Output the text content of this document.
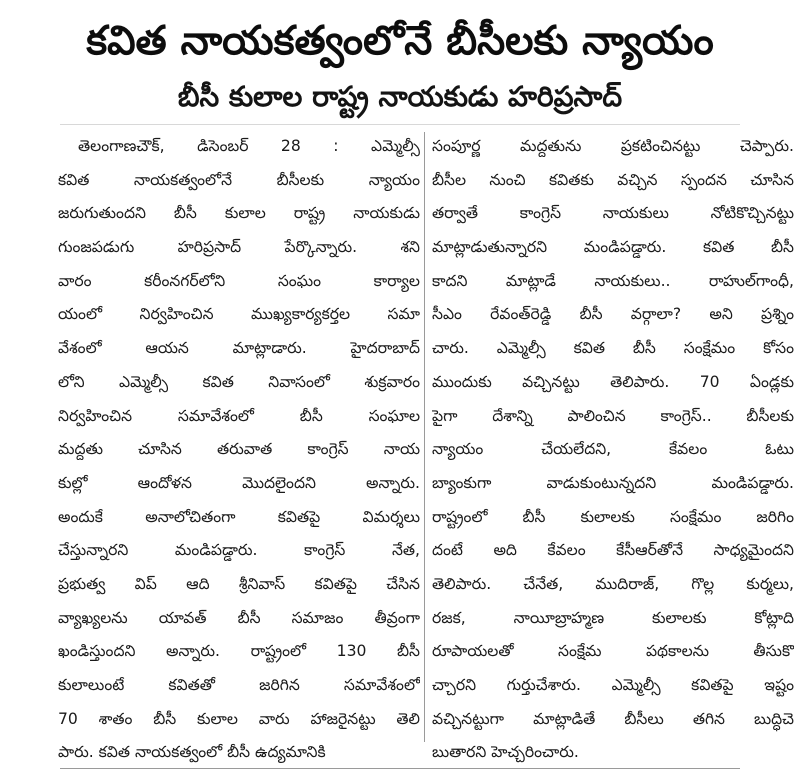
కవిత నాయకత్వంలోనే బీసీలకు న్యాయం
బీసీ కులాల రాష్ట్ర నాయకుడు హరిప్రసాద్
తెలంగాణచౌక్, డిసెంబర్ 28 : ఎమ్మెల్సీ
కవిత నాయకత్వంలోనే బీసీలకు న్యాయం
జరుగుతుందని బీసీ కులాల రాష్ట్ర నాయకుడు
గుంజపడుగు హరిప్రసాద్ పేర్కొన్నారు. శని
వారం కరీంనగర్‌లోని సంఘం కార్యాల
యంలో నిర్వహించిన ముఖ్యకార్యకర్తల సమా
వేశంలో ఆయన మాట్లాడారు. హైదరాబాద్
లోని ఎమ్మెల్సీ కవిత నివాసంలో శుక్రవారం
నిర్వహించిన సమావేశంలో బీసీ సంఘాల
మద్దతు చూసిన తరువాత కాంగ్రెస్ నాయ
కుల్లో ఆందోళన మొదలైందని అన్నారు.
అందుకే అనాలోచితంగా కవితపై విమర్శలు
చేస్తున్నారని మండిపడ్డారు. కాంగ్రెస్ నేత,
ప్రభుత్వ విప్ ఆది శ్రీనివాస్ కవితపై చేసిన
వ్యాఖ్యలను యావత్ బీసీ సమాజం తీవ్రంగా
ఖండిస్తుందని అన్నారు. రాష్ట్రంలో 130 బీసీ
కులాలుంటే కవితతో జరిగిన సమావేశంలో
70 శాతం బీసీ కులాల వారు హాజరైనట్టు తెలి
పారు. కవిత నాయకత్వంలో బీసీ ఉద్యమానికి
సంపూర్ణ మద్దతును ప్రకటించినట్టు చెప్పారు.
బీసీల నుంచి కవితకు వచ్చిన స్పందన చూసిన
తర్వాతే కాంగ్రెస్ నాయకులు నోటికొచ్చినట్టు
మాట్లాడుతున్నారని మండిపడ్డారు. కవిత బీసీ
కాదని మాట్లాడే నాయకులు.. రాహుల్‌గాంధీ,
సీఎం రేవంత్‌రెడ్డి బీసీ వర్గాలా? అని ప్రశ్నిం
చారు. ఎమ్మెల్సీ కవిత బీసీ సంక్షేమం కోసం
ముందుకు వచ్చినట్టు తెలిపారు. 70 ఏండ్లకు
పైగా దేశాన్ని పాలించిన కాంగ్రెస్.. బీసీలకు
న్యాయం చేయలేదని, కేవలం ఓటు
బ్యాంకుగా వాడుకుంటున్నదని మండిపడ్డారు.
రాష్ట్రంలో బీసీ కులాలకు సంక్షేమం జరిగిం
దంటే అది కేవలం కేసీఆర్‌తోనే సాధ్యమైందని
తెలిపారు. చేనేత, ముదిరాజ్, గొల్ల కుర్మలు,
రజక, నాయీబ్రాహ్మణ కులాలకు కోట్లాది
రూపాయలతో సంక్షేమ పథకాలను తీసుకొ
చ్చారని గుర్తుచేశారు. ఎమ్మెల్సీ కవితపై ఇష్టం
వచ్చినట్టుగా మాట్లాడితే బీసీలు తగిన బుద్ధిచె
బుతారని హెచ్చరించారు.
